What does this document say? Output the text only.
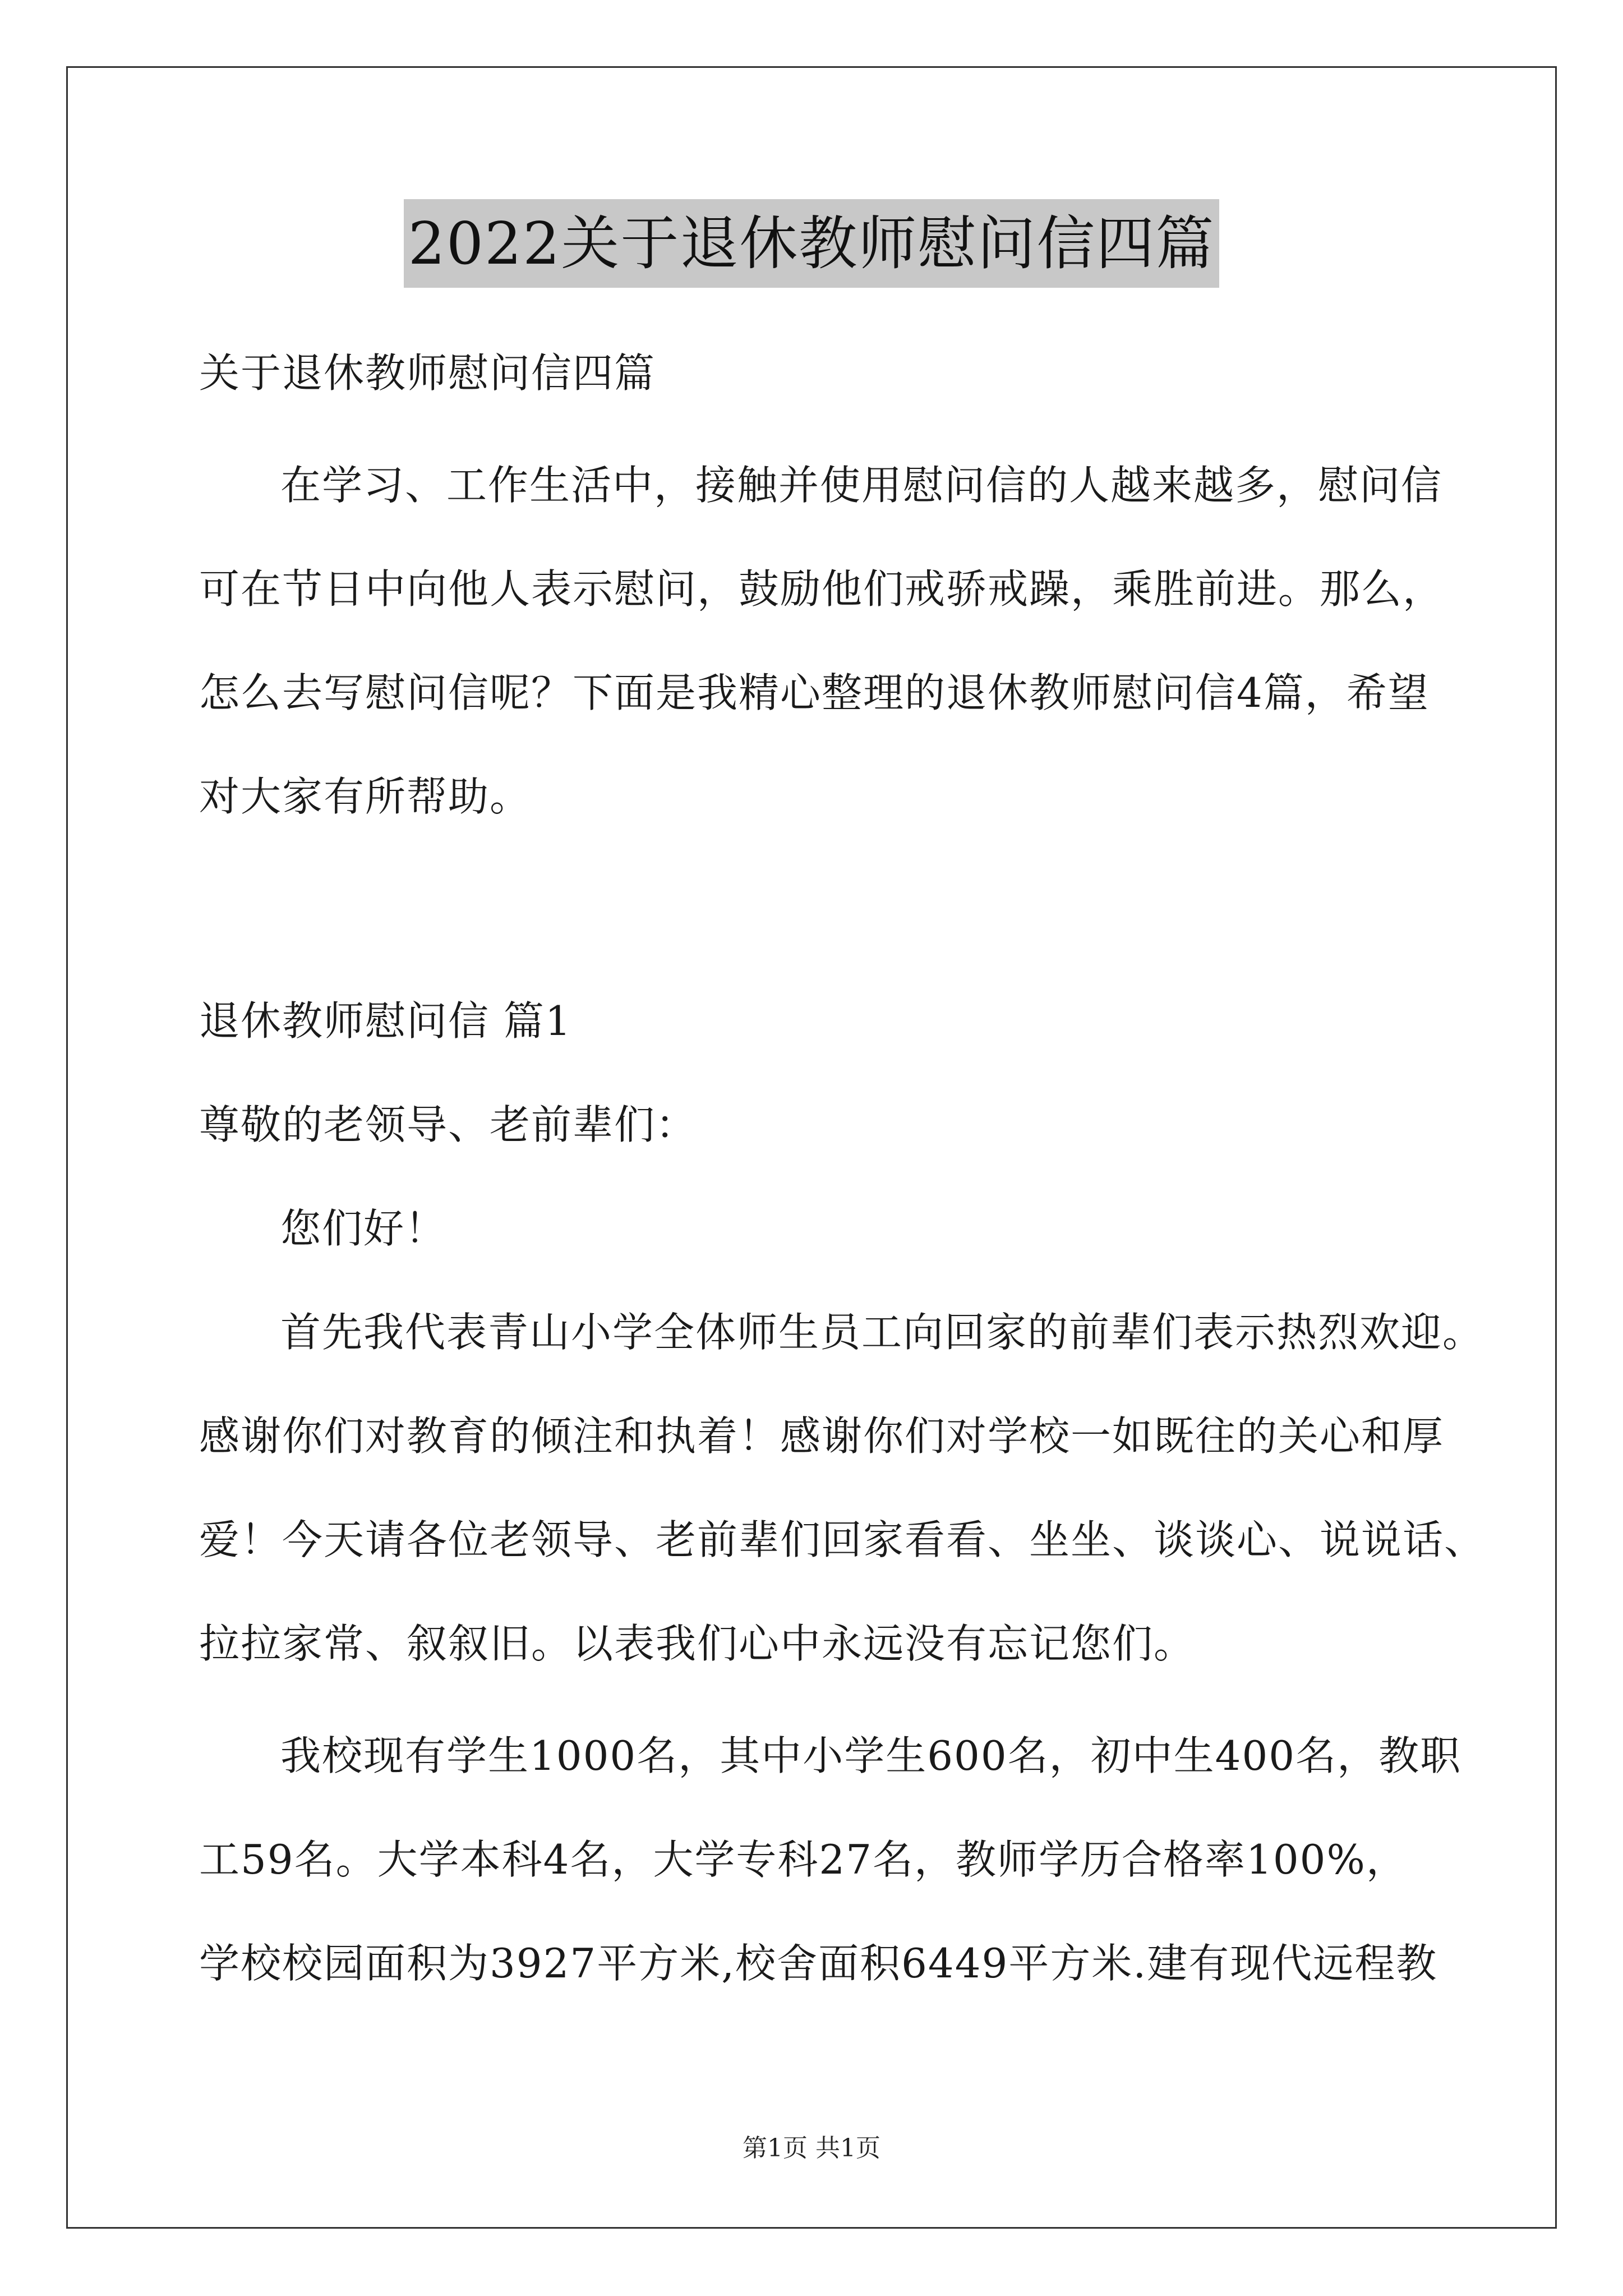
2022关于退休教师慰问信四篇
关于退休教师慰问信四篇
在学习、工作生活中，接触并使用慰问信的人越来越多，慰问信
可在节日中向他人表示慰问，鼓励他们戒骄戒躁，乘胜前进。那么，
怎么去写慰问信呢？下面是我精心整理的退休教师慰问信4篇，希望
对大家有所帮助。
退休教师慰问信 篇1
尊敬的老领导、老前辈们：
您们好！
首先我代表青山小学全体师生员工向回家的前辈们表示热烈欢迎。
感谢你们对教育的倾注和执着！感谢你们对学校一如既往的关心和厚
爱！今天请各位老领导、老前辈们回家看看、坐坐、谈谈心、说说话、
拉拉家常、叙叙旧。以表我们心中永远没有忘记您们。
我校现有学生1000名，其中小学生600名，初中生400名，教职
工59名。大学本科4名，大学专科27名，教师学历合格率100%，
学校校园面积为3927平方米,校舍面积6449平方米.建有现代远程教
第1页 共1页
